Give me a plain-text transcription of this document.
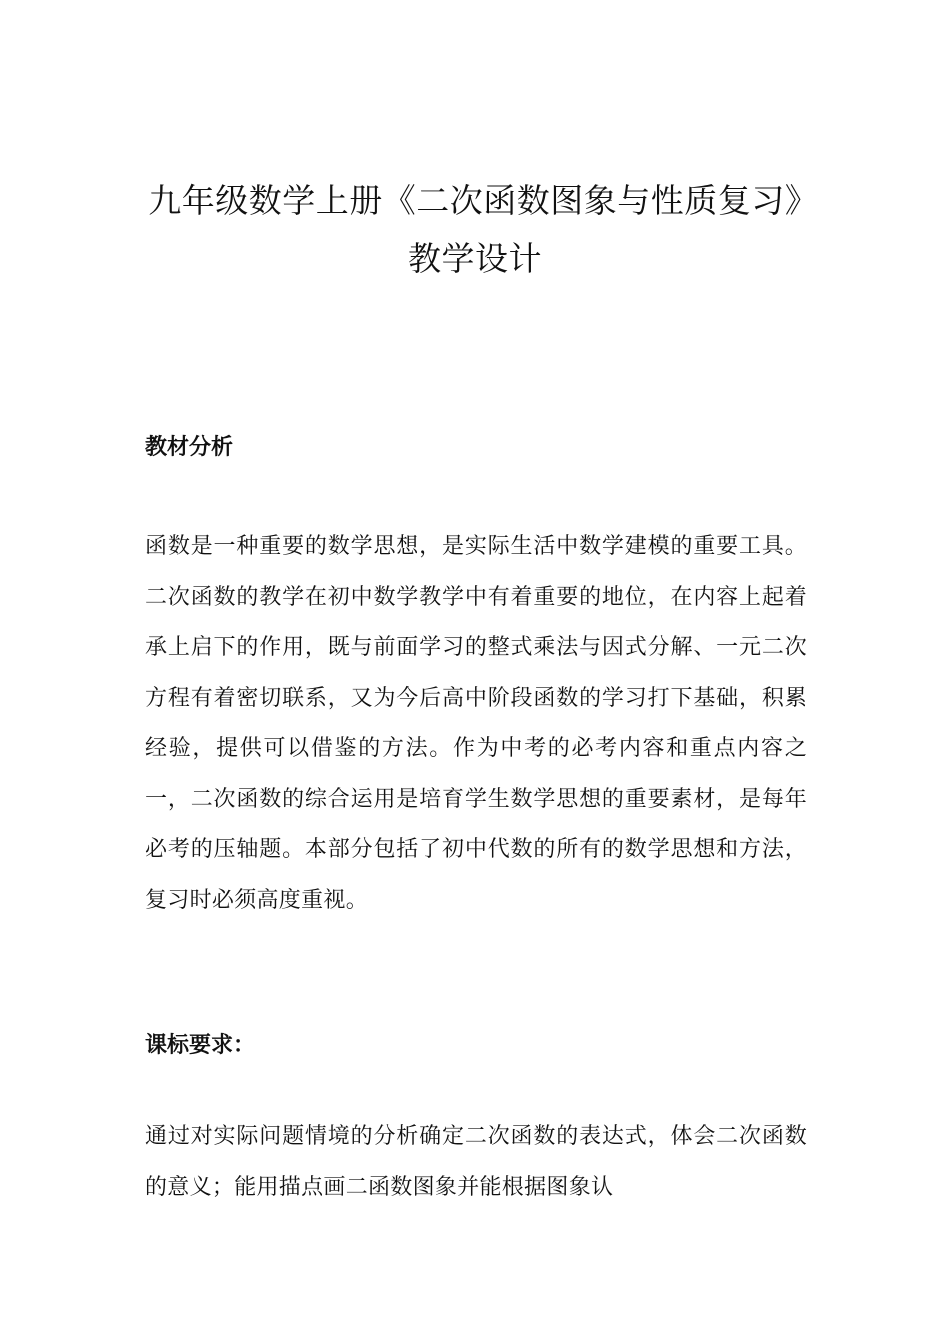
九年级数学上册《二次函数图象与性质复习》教学设计
教材分析

函数是一种重要的数学思想，是实际生活中数学建模的重要工具。二次函数的教学在初中数学教学中有着重要的地位，在内容上起着承上启下的作用，既与前面学习的整式乘法与因式分解、一元二次方程有着密切联系，又为今后高中阶段函数的学习打下基础，积累经验，提供可以借鉴的方法。作为中考的必考内容和重点内容之一，二次函数的综合运用是培育学生数学思想的重要素材，是每年必考的压轴题。本部分包括了初中代数的所有的数学思想和方法，复习时必须高度重视。

课标要求：

通过对实际问题情境的分析确定二次函数的表达式，体会二次函数的意义；能用描点画二函数图象并能根据图象认
